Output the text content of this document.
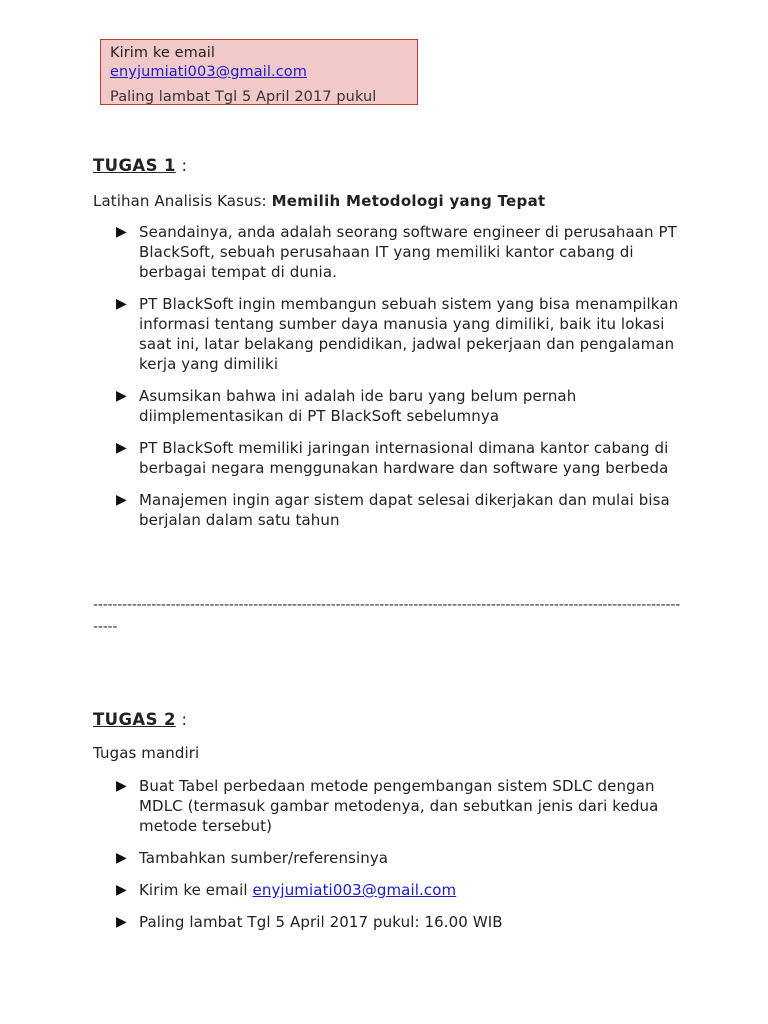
Kirim ke email
enyjumiati003@gmail.com
Paling lambat Tgl 5 April 2017 pukul
TUGAS 1 :
Latihan Analisis Kasus: Memilih Metodologi yang Tepat
▶ Seandainya, anda adalah seorang software engineer di perusahaan PT BlackSoft, sebuah perusahaan IT yang memiliki kantor cabang di berbagai tempat di dunia.
▶ PT BlackSoft ingin membangun sebuah sistem yang bisa menampilkan informasi tentang sumber daya manusia yang dimiliki, baik itu lokasi saat ini, latar belakang pendidikan, jadwal pekerjaan dan pengalaman kerja yang dimiliki
▶ Asumsikan bahwa ini adalah ide baru yang belum pernah diimplementasikan di PT BlackSoft sebelumnya
▶ PT BlackSoft memiliki jaringan internasional dimana kantor cabang di berbagai negara menggunakan hardware dan software yang berbeda
▶ Manajemen ingin agar sistem dapat selesai dikerjakan dan mulai bisa berjalan dalam satu tahun
------------------------------------------------------------------------------------------------------------------------------
TUGAS 2 :
Tugas mandiri
▶ Buat Tabel perbedaan metode pengembangan sistem SDLC dengan MDLC (termasuk gambar metodenya, dan sebutkan jenis dari kedua metode tersebut)
▶ Tambahkan sumber/referensinya
▶ Kirim ke email enyjumiati003@gmail.com
▶ Paling lambat Tgl 5 April 2017 pukul: 16.00 WIB
